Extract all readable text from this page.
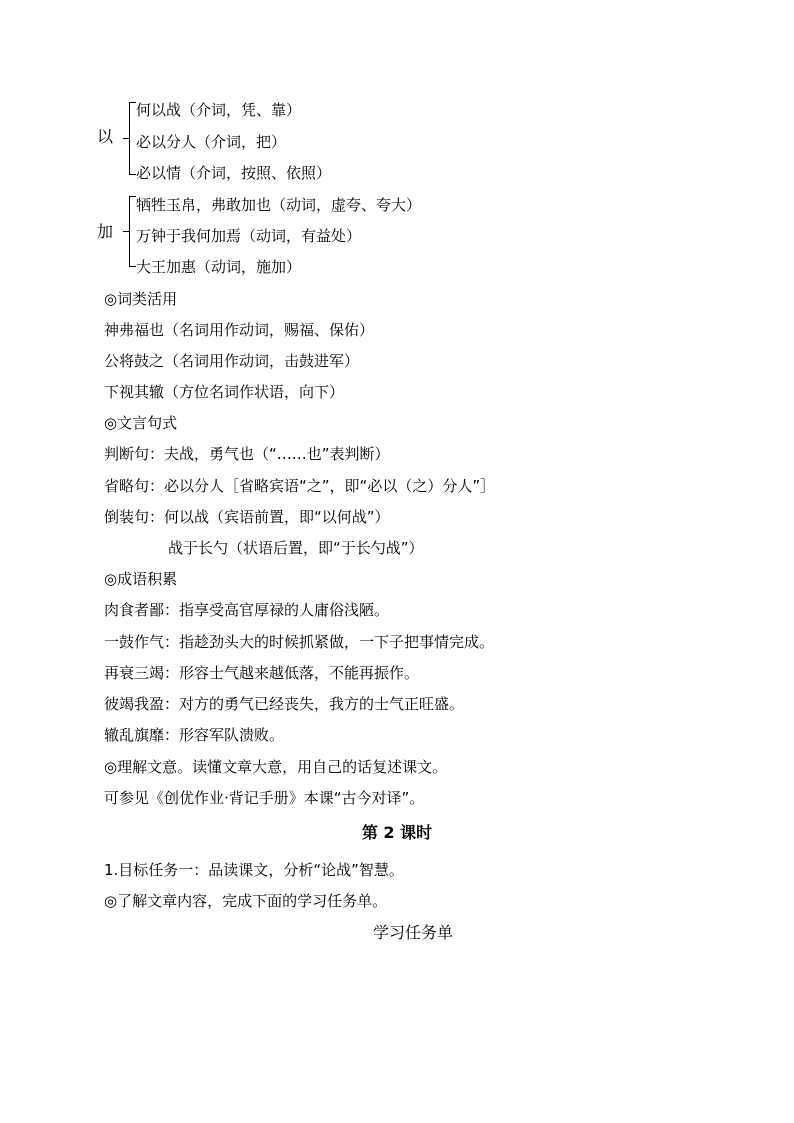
以
何以战（介词，凭、靠）
必以分人（介词，把）
必以情（介词，按照、依照）
加
牺牲玉帛，弗敢加也（动词，虚夸、夸大）
万钟于我何加焉（动词，有益处）
大王加惠（动词，施加）
◎词类活用
神弗福也（名词用作动词，赐福、保佑）
公将鼓之（名词用作动词，击鼓进军）
下视其辙（方位名词作状语，向下）
◎文言句式
判断句：夫战，勇气也（“……也”表判断）
省略句：必以分人［省略宾语“之”，即“必以（之）分人”］
倒装句：何以战（宾语前置，即“以何战”）
战于长勺（状语后置，即“于长勺战”）
◎成语积累
肉食者鄙：指享受高官厚禄的人庸俗浅陋。
一鼓作气：指趁劲头大的时候抓紧做，一下子把事情完成。
再衰三竭：形容士气越来越低落，不能再振作。
彼竭我盈：对方的勇气已经丧失，我方的士气正旺盛。
辙乱旗靡：形容军队溃败。
◎理解文意。读懂文章大意，用自己的话复述课文。
可参见《创优作业·背记手册》本课“古今对译”。
第 2 课时
1.目标任务一：品读课文，分析“论战”智慧。
◎了解文章内容，完成下面的学习任务单。
学习任务单
